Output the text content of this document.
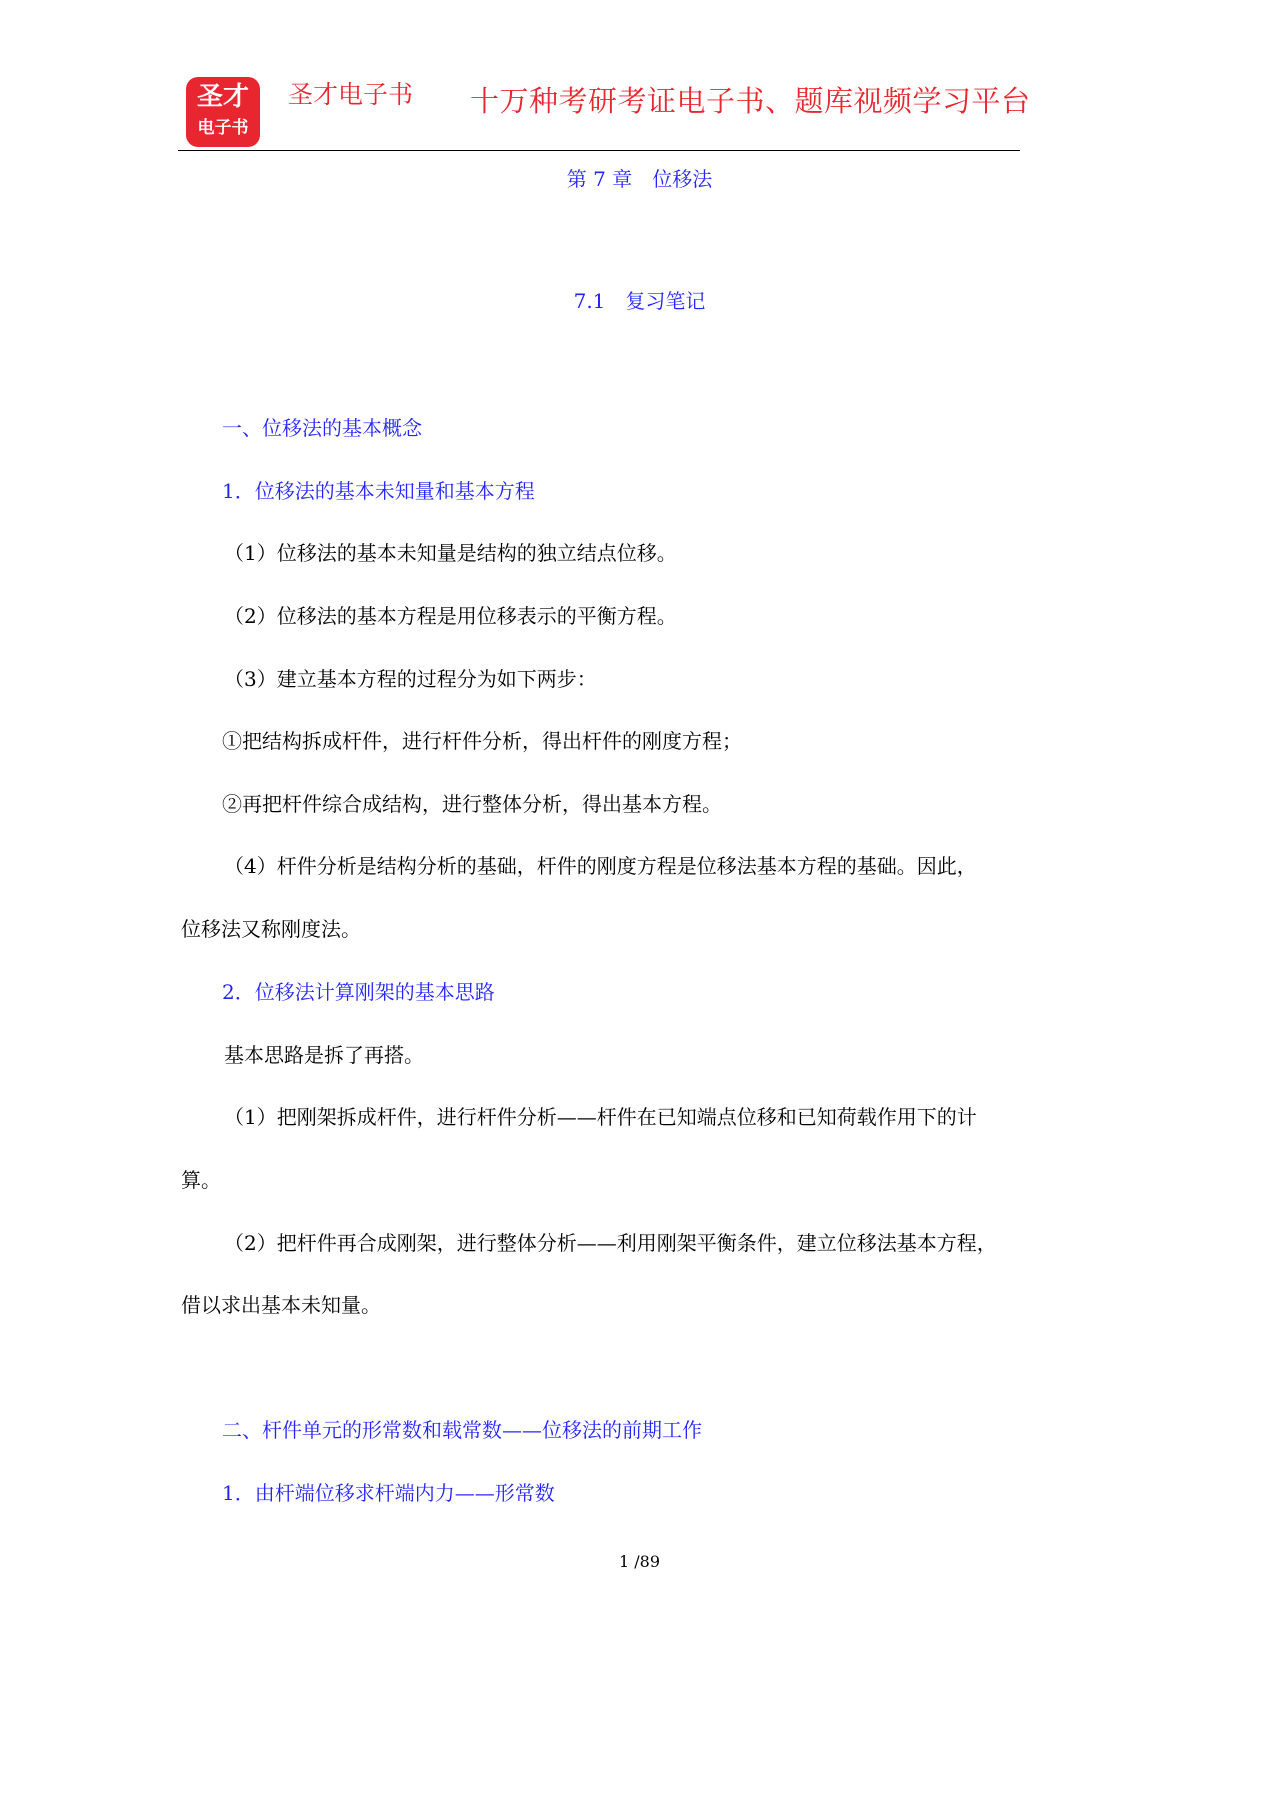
圣才
电子书
圣才电子书 十万种考研考证电子书、题库视频学习平台
第 7 章　位移法
7.1　复习笔记
一、位移法的基本概念
1．位移法的基本未知量和基本方程
（1）位移法的基本未知量是结构的独立结点位移。
（2）位移法的基本方程是用位移表示的平衡方程。
（3）建立基本方程的过程分为如下两步：
①把结构拆成杆件，进行杆件分析，得出杆件的刚度方程；
②再把杆件综合成结构，进行整体分析，得出基本方程。
（4）杆件分析是结构分析的基础，杆件的刚度方程是位移法基本方程的基础。因此，
位移法又称刚度法。
2．位移法计算刚架的基本思路
基本思路是拆了再搭。
（1）把刚架拆成杆件，进行杆件分析——杆件在已知端点位移和已知荷载作用下的计
算。
（2）把杆件再合成刚架，进行整体分析——利用刚架平衡条件，建立位移法基本方程，
借以求出基本未知量。
二、杆件单元的形常数和载常数——位移法的前期工作
1．由杆端位移求杆端内力——形常数
1 /89
